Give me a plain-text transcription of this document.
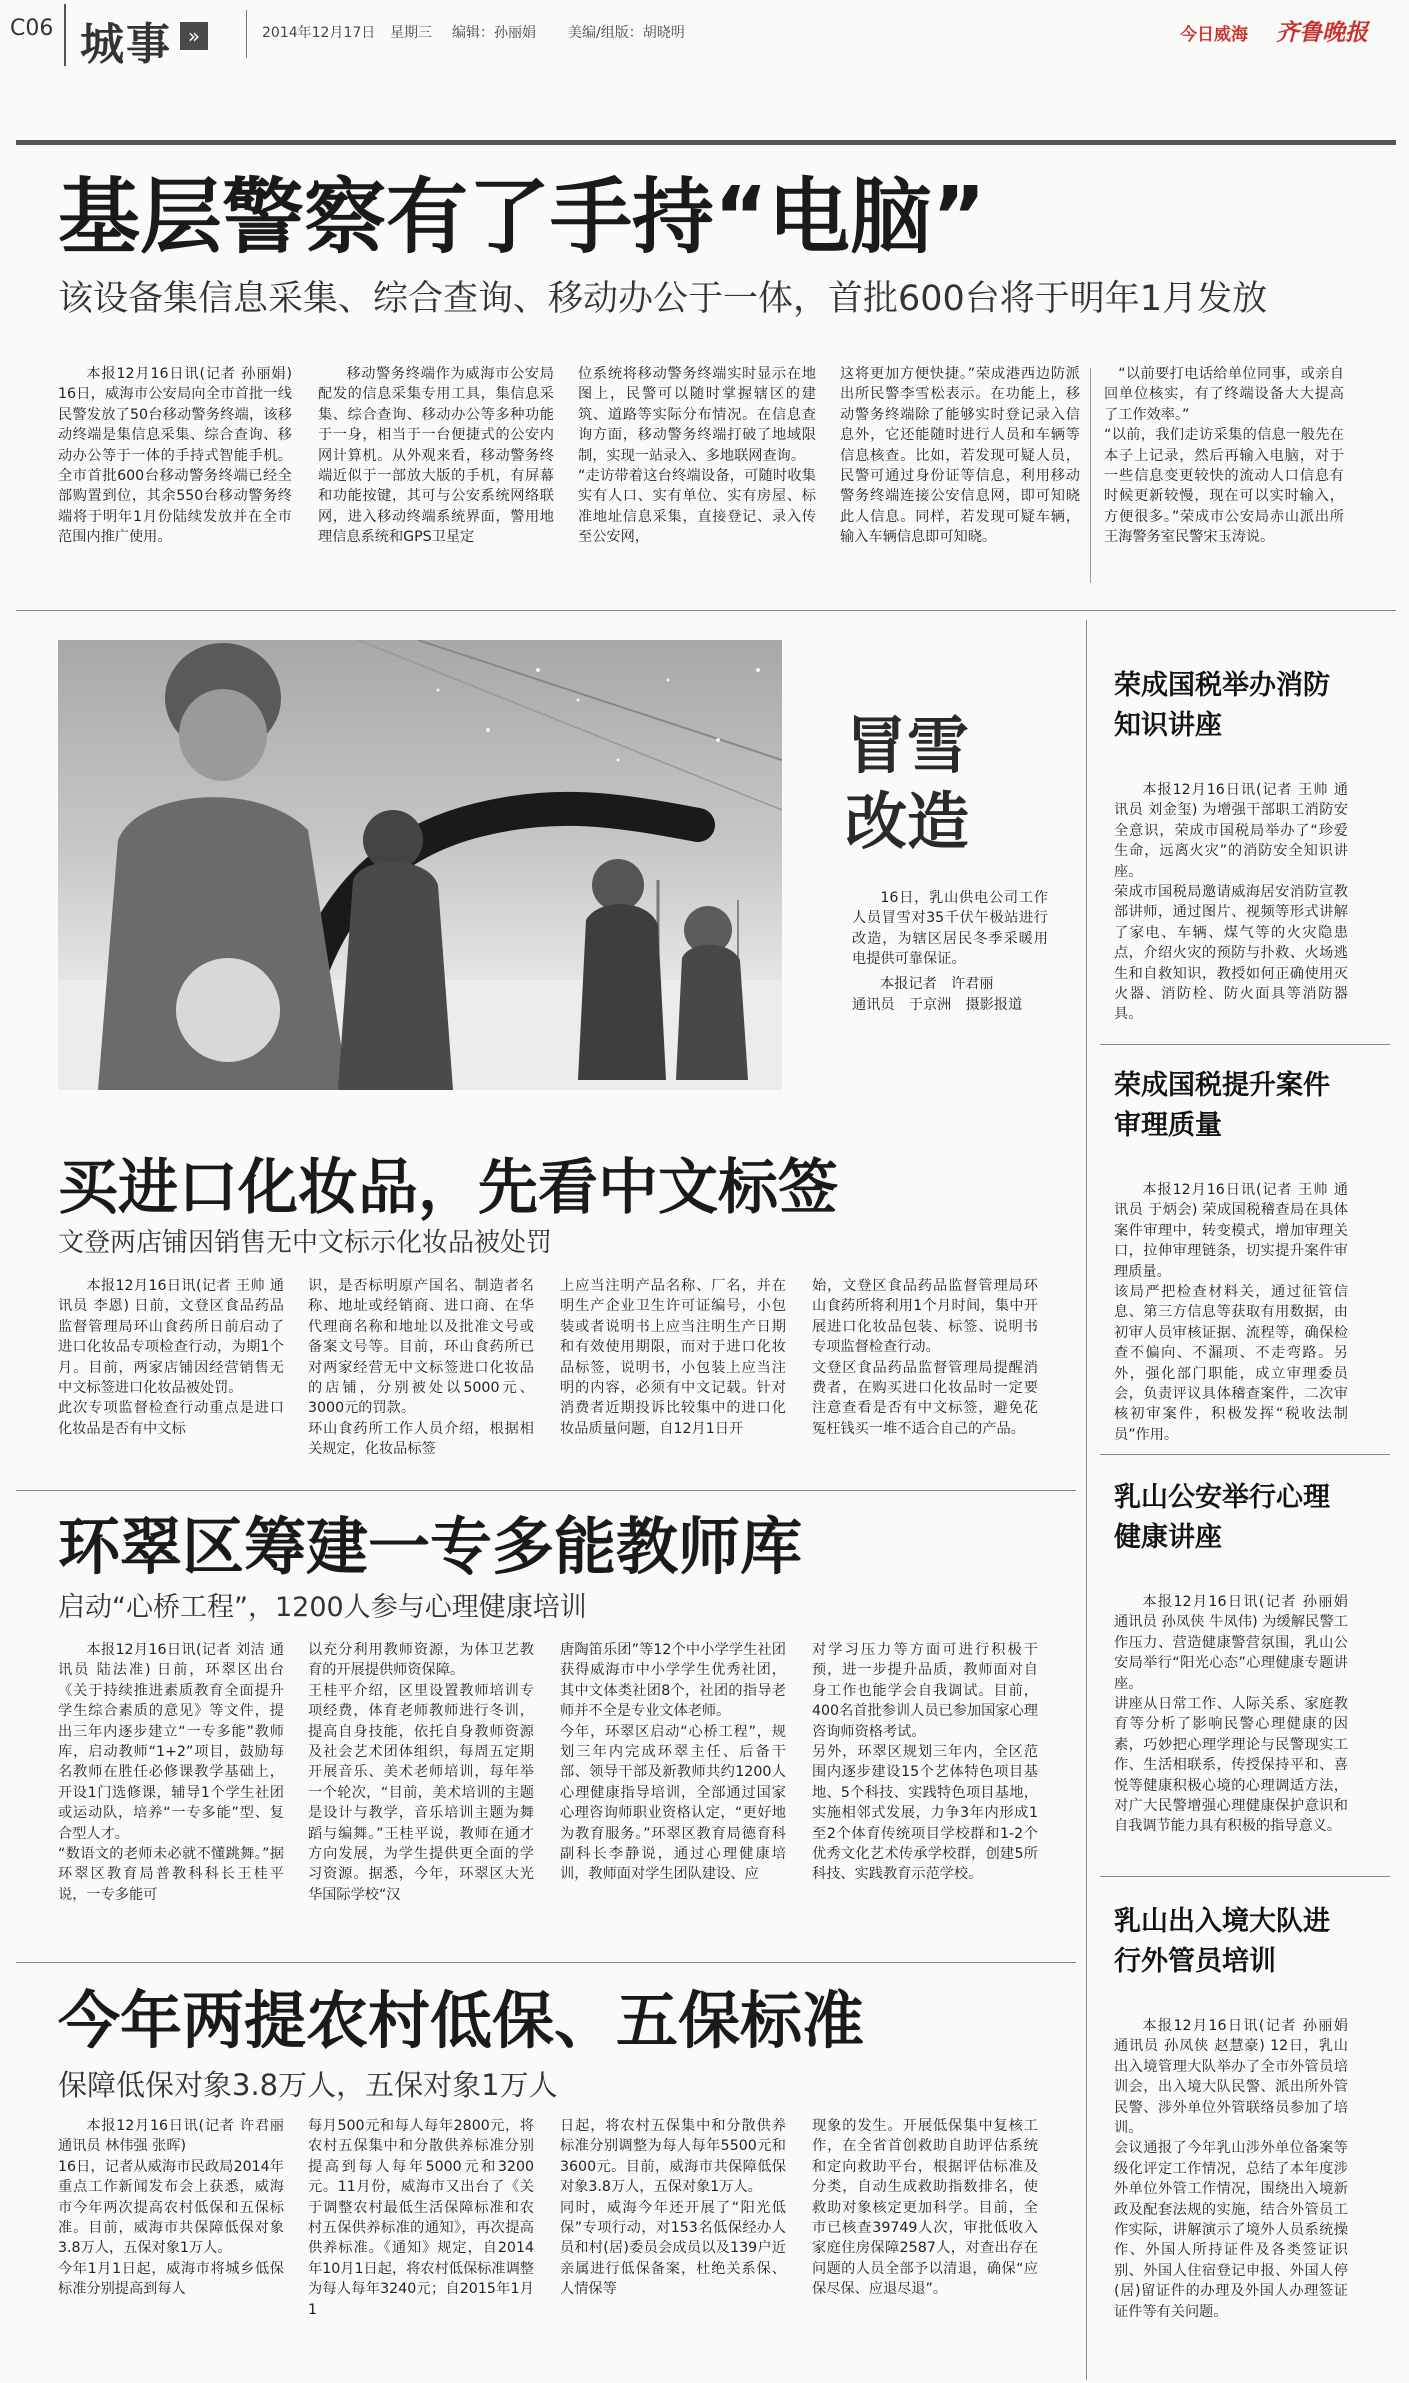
C06 城事 »	2014年12月17日 星期三 编辑：孙丽娟 美编/组版：胡晓明	今日威海 齐鲁晚报
基层警察有了手持“电脑”
该设备集信息采集、综合查询、移动办公于一体，首批600台将于明年1月发放
本报12月16日讯(记者 孙丽娟) 16日，威海市公安局向全市首批一线民警发放了50台移动警务终端，该移动终端是集信息采集、综合查询、移动办公等于一体的手持式智能手机。全市首批600台移动警务终端已经全部购置到位，其余550台移动警务终端将于明年1月份陆续发放并在全市范围内推广使用。
移动警务终端作为威海市公安局配发的信息采集专用工具，集信息采集、综合查询、移动办公等多种功能于一身，相当于一台便捷式的公安内网计算机。从外观来看，移动警务终端近似于一部放大版的手机，有屏幕和功能按键，其可与公安系统网络联网，进入移动终端系统界面，警用地理信息系统和GPS卫星定
位系统将移动警务终端实时显示在地图上，民警可以随时掌握辖区的建筑、道路等实际分布情况。在信息查询方面，移动警务终端打破了地域限制，实现一站录入、多地联网查询。
“走访带着这台终端设备，可随时收集实有人口、实有单位、实有房屋、标准地址信息采集，直接登记、录入传至公安网，
这将更加方便快捷。”荣成港西边防派出所民警李雪松表示。在功能上，移动警务终端除了能够实时登记录入信息外，它还能随时进行人员和车辆等信息核查。比如，若发现可疑人员，民警可通过身份证等信息，利用移动警务终端连接公安信息网，即可知晓此人信息。同样，若发现可疑车辆，输入车辆信息即可知晓。
“以前要打电话给单位同事，或亲自回单位核实，有了终端设备大大提高了工作效率。”
“以前，我们走访采集的信息一般先在本子上记录，然后再输入电脑，对于一些信息变更较快的流动人口信息有时候更新较慢，现在可以实时输入，方便很多。”荣成市公安局赤山派出所王海警务室民警宋玉涛说。
冒雪
改造
16日，乳山供电公司工作人员冒雪对35千伏午极站进行改造，为辖区居民冬季采暖用电提供可靠保证。
本报记者　许君丽
通讯员　于京洲　摄影报道
买进口化妆品，先看中文标签
文登两店铺因销售无中文标示化妆品被处罚
本报12月16日讯(记者 王帅 通讯员 李恩) 日前，文登区食品药品监督管理局环山食药所日前启动了进口化妆品专项检查行动，为期1个月。目前，两家店铺因经营销售无中文标签进口化妆品被处罚。
此次专项监督检查行动重点是进口化妆品是否有中文标
识，是否标明原产国名、制造者名称、地址或经销商、进口商、在华代理商名称和地址以及批准文号或备案文号等。目前，环山食药所已对两家经营无中文标签进口化妆品的店铺，分别被处以5000元、3000元的罚款。
环山食药所工作人员介绍，根据相关规定，化妆品标签
上应当注明产品名称、厂名，并在明生产企业卫生许可证编号，小包装或者说明书上应当注明生产日期和有效使用期限，而对于进口化妆品标签，说明书，小包装上应当注明的内容，必须有中文记载。针对消费者近期投诉比较集中的进口化妆品质量问题，自12月1日开
始，文登区食品药品监督管理局环山食药所将利用1个月时间，集中开展进口化妆品包装、标签、说明书专项监督检查行动。
文登区食品药品监督管理局提醒消费者，在购买进口化妆品时一定要注意查看是否有中文标签，避免花冤枉钱买一堆不适合自己的产品。
环翠区筹建一专多能教师库
启动“心桥工程”，1200人参与心理健康培训
本报12月16日讯(记者 刘洁 通讯员 陆法准) 日前，环翠区出台《关于持续推进素质教育全面提升学生综合素质的意见》等文件，提出三年内逐步建立“一专多能”教师库，启动教师“1+2”项目，鼓励每名教师在胜任必修课教学基础上，开设1门选修课，辅导1个学生社团或运动队，培养“一专多能”型、复合型人才。
“数语文的老师未必就不懂跳舞。”据环翠区教育局普教科科长王桂平说，一专多能可
以充分利用教师资源，为体卫艺教育的开展提供师资保障。
王桂平介绍，区里设置教师培训专项经费，体育老师教师进行冬训，提高自身技能，依托自身教师资源及社会艺术团体组织，每周五定期开展音乐、美术老师培训，每年举一个轮次，“目前，美术培训的主题是设计与教学，音乐培训主题为舞蹈与编舞。”王桂平说，教师在通才方向发展，为学生提供更全面的学习资源。据悉，今年，环翠区大光华国际学校“汉
唐陶笛乐团”等12个中小学学生社团获得威海市中小学学生优秀社团，其中文体类社团8个，社团的指导老师并不全是专业文体老师。
今年，环翠区启动“心桥工程”，规划三年内完成环翠主任、后备干部、领导干部及新教师共约1200人心理健康指导培训，全部通过国家心理咨询师职业资格认定，“更好地为教育服务。”环翠区教育局德育科副科长李静说，通过心理健康培训，教师面对学生团队建设、应
对学习压力等方面可进行积极干预，进一步提升品质，教师面对自身工作也能学会自我调试。目前，400名首批参训人员已参加国家心理咨询师资格考试。
另外，环翠区规划三年内，全区范围内逐步建设15个艺体特色项目基地、5个科技、实践特色项目基地，实施相邻式发展，力争3年内形成1至2个体育传统项目学校群和1-2个优秀文化艺术传承学校群，创建5所科技、实践教育示范学校。
今年两提农村低保、五保标准
保障低保对象3.8万人，五保对象1万人
本报12月16日讯(记者 许君丽 通讯员 林伟强 张晖)
16日，记者从威海市民政局2014年重点工作新闻发布会上获悉，威海市今年两次提高农村低保和五保标准。目前，威海市共保障低保对象3.8万人，五保对象1万人。
今年1月1日起，威海市将城乡低保标准分别提高到每人
每月500元和每人每年2800元，将农村五保集中和分散供养标准分别提高到每人每年5000元和3200元。11月份，威海市又出台了《关于调整农村最低生活保障标准和农村五保供养标准的通知》，再次提高供养标准。《通知》规定，自2014年10月1日起，将农村低保标准调整为每人每年3240元；自2015年1月1
日起，将农村五保集中和分散供养标准分别调整为每人每年5500元和3600元。目前，威海市共保障低保对象3.8万人，五保对象1万人。
同时，威海今年还开展了“阳光低保”专项行动，对153名低保经办人员和村(居)委员会成员以及139户近亲属进行低保备案，杜绝关系保、人情保等
现象的发生。开展低保集中复核工作，在全省首创救助自助评估系统和定向救助平台，根据评估标准及分类，自动生成救助指数排名，使救助对象核定更加科学。目前，全市已核查39749人次，审批低收入家庭住房保障2587人，对查出存在问题的人员全部予以清退，确保“应保尽保、应退尽退”。
荣成国税举办消防知识讲座
本报12月16日讯(记者 王帅 通讯员 刘金玺) 为增强干部职工消防安全意识，荣成市国税局举办了“珍爱生命，远离火灾”的消防安全知识讲座。
荣成市国税局邀请威海居安消防宣教部讲师，通过图片、视频等形式讲解了家电、车辆、煤气等的火灾隐患点，介绍火灾的预防与扑救、火场逃生和自救知识，教授如何正确使用灭火器、消防栓、防火面具等消防器具。
荣成国税提升案件审理质量
本报12月16日讯(记者 王帅 通讯员 于炳会) 荣成国税稽查局在具体案件审理中，转变模式，增加审理关口，拉伸审理链条，切实提升案件审理质量。
该局严把检查材料关，通过征管信息、第三方信息等获取有用数据，由初审人员审核证据、流程等，确保检查不偏向、不漏项、不走弯路。另外，强化部门职能，成立审理委员会，负责评议具体稽查案件，二次审核初审案件，积极发挥“税收法制员”作用。
乳山公安举行心理健康讲座
本报12月16日讯(记者 孙丽娟 通讯员 孙凤侠 牛凤伟) 为缓解民警工作压力、营造健康警营氛围，乳山公安局举行“阳光心态”心理健康专题讲座。
讲座从日常工作、人际关系、家庭教育等分析了影响民警心理健康的因素，巧妙把心理学理论与民警现实工作、生活相联系，传授保持平和、喜悦等健康积极心境的心理调适方法，对广大民警增强心理健康保护意识和自我调节能力具有积极的指导意义。
乳山出入境大队进行外管员培训
本报12月16日讯(记者 孙丽娟 通讯员 孙凤侠 赵慧豪) 12日，乳山出入境管理大队举办了全市外管员培训会，出入境大队民警、派出所外管民警、涉外单位外管联络员参加了培训。
会议通报了今年乳山涉外单位备案等级化评定工作情况，总结了本年度涉外单位外管工作情况，围绕出入境新政及配套法规的实施，结合外管员工作实际，讲解演示了境外人员系统操作、外国人所持证件及各类签证识别、外国人住宿登记申报、外国人停(居)留证件的办理及外国人办理签证证件等有关问题。
